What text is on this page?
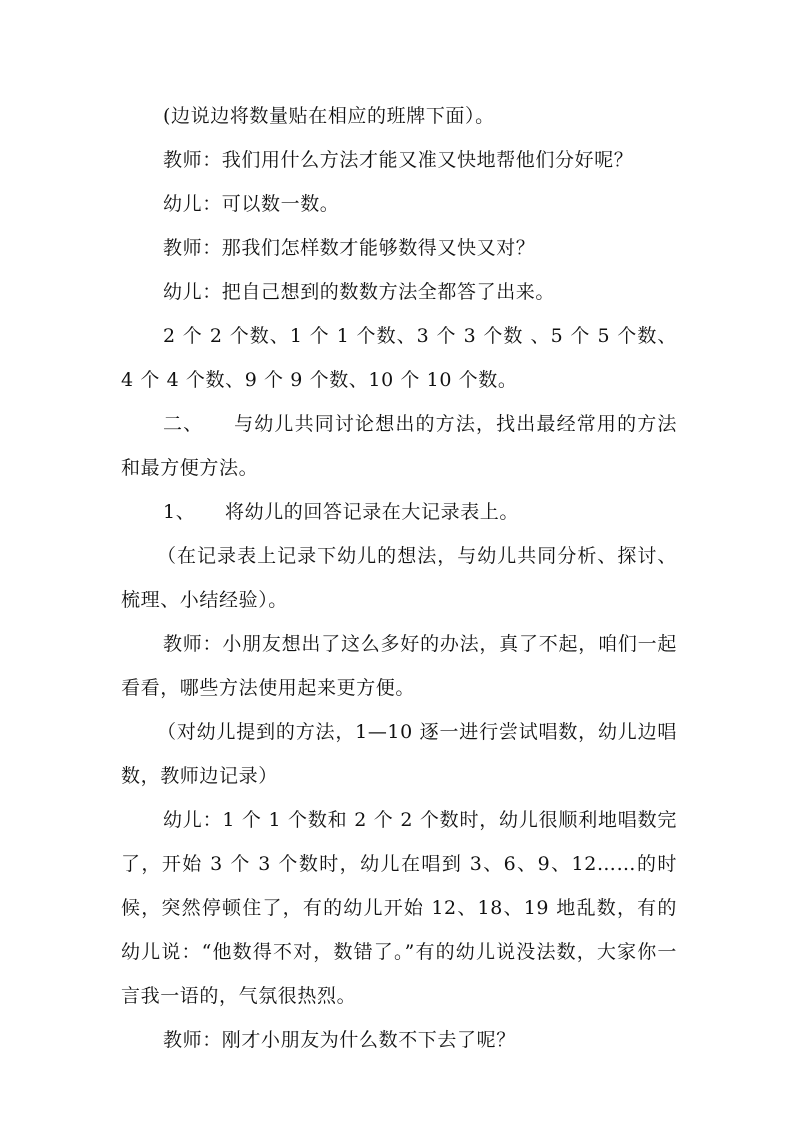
(边说边将数量贴在相应的班牌下面）。

教师：我们用什么方法才能又准又快地帮他们分好呢？

幼儿：可以数一数。

教师：那我们怎样数才能够数得又快又对？

幼儿：把自己想到的数数方法全都答了出来。

2 个 2 个数、1 个 1 个数、3 个 3 个数 、5 个 5 个数、4 个 4 个数、9 个 9 个数、10 个 10 个数。

二、　　与幼儿共同讨论想出的方法，找出最经常用的方法和最方便方法。

1、　　将幼儿的回答记录在大记录表上。

（在记录表上记录下幼儿的想法，与幼儿共同分析、探讨、梳理、小结经验）。

教师：小朋友想出了这么多好的办法，真了不起，咱们一起看看，哪些方法使用起来更方便。

（对幼儿提到的方法，1—10 逐一进行尝试唱数，幼儿边唱数，教师边记录）

幼儿：1 个 1 个数和 2 个 2 个数时，幼儿很顺利地唱数完了，开始 3 个 3 个数时，幼儿在唱到 3、6、9、12……的时候，突然停顿住了，有的幼儿开始 12、18、19 地乱数，有的幼儿说：“他数得不对，数错了。”有的幼儿说没法数，大家你一言我一语的，气氛很热烈。

教师：刚才小朋友为什么数不下去了呢？
